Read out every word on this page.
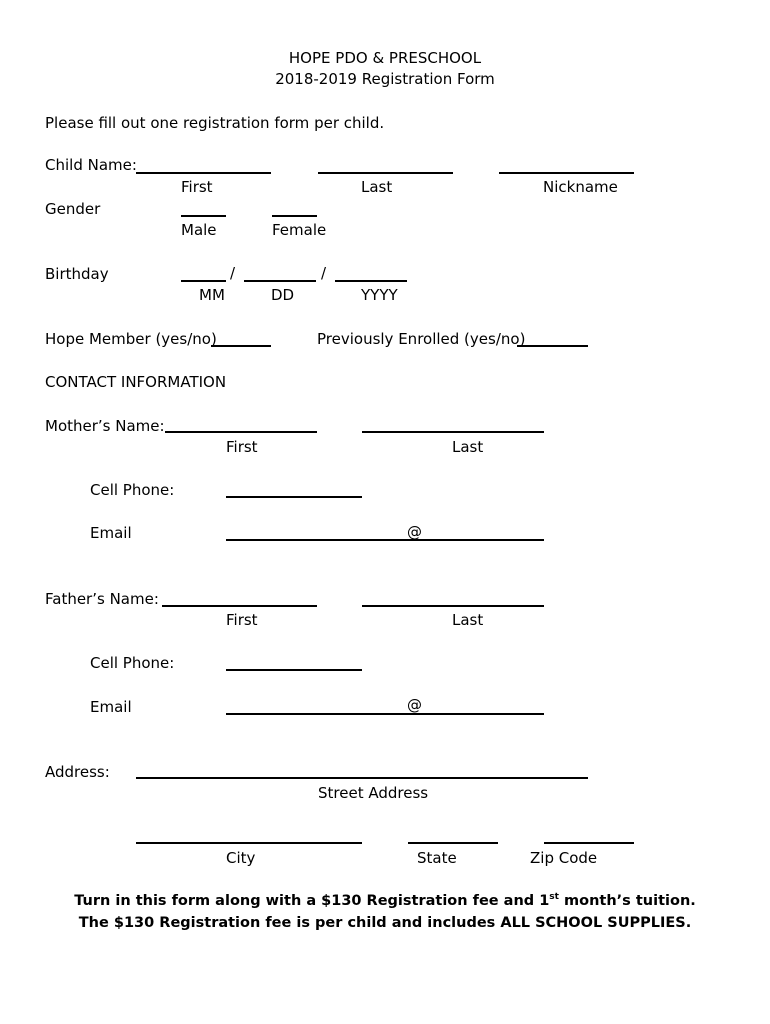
HOPE PDO & PRESCHOOL
2018-2019 Registration Form
Please fill out one registration form per child.
Child Name:
First	Last	Nickname
Gender
Male	Female
Birthday	/	/
MM	DD	YYYY
Hope Member (yes/no)	Previously Enrolled (yes/no)
CONTACT INFORMATION
Mother’s Name:
First	Last
Cell Phone:
Email	@
Father’s Name:
First	Last
Cell Phone:
Email	@
Address:
Street Address
City	State	Zip Code
Turn in this form along with a $130 Registration fee and 1st month’s tuition.
The $130 Registration fee is per child and includes ALL SCHOOL SUPPLIES.
